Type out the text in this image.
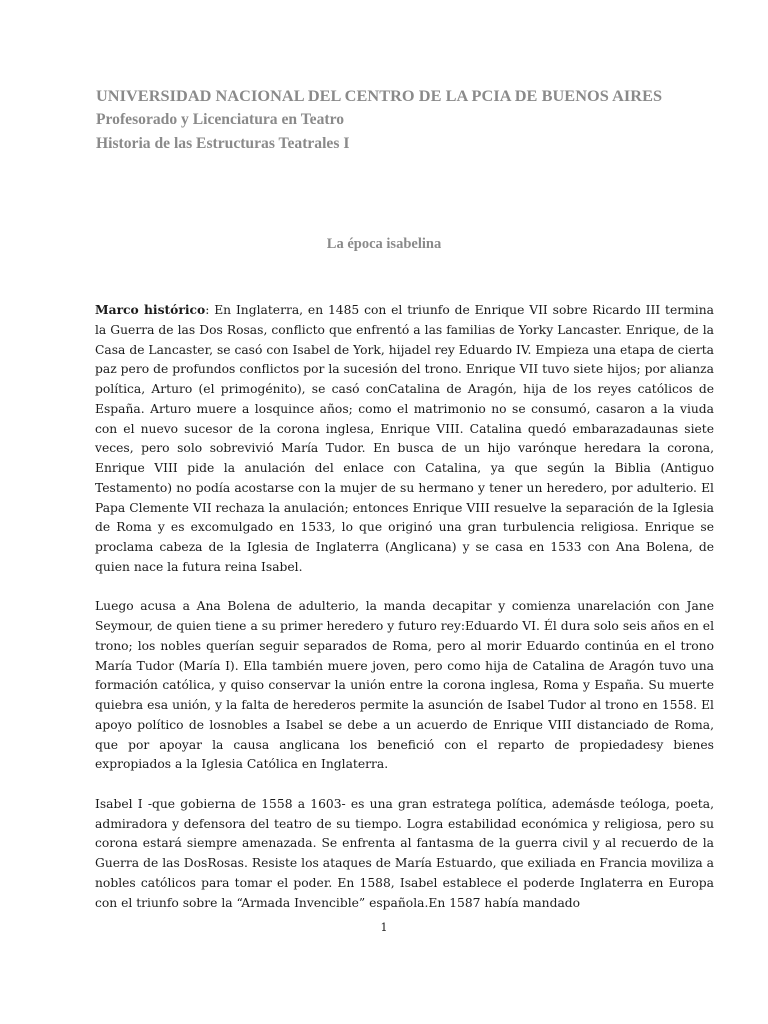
UNIVERSIDAD NACIONAL DEL CENTRO DE LA PCIA DE BUENOS AIRES
Profesorado y Licenciatura en Teatro
Historia de las Estructuras Teatrales I
La época isabelina

Marco histórico: En Inglaterra, en 1485 con el triunfo de Enrique VII sobre Ricardo III termina la Guerra de las Dos Rosas, conflicto que enfrentó a las familias de Yorky Lancaster. Enrique, de la Casa de Lancaster, se casó con Isabel de York, hijadel rey Eduardo IV. Empieza una etapa de cierta paz pero de profundos conflictos por la sucesión del trono. Enrique VII tuvo siete hijos; por alianza política, Arturo (el primogénito), se casó conCatalina de Aragón, hija de los reyes católicos de España. Arturo muere a losquince años; como el matrimonio no se consumó, casaron a la viuda con el nuevo sucesor de la corona inglesa, Enrique VIII. Catalina quedó embarazadaunas siete veces, pero solo sobrevivió María Tudor. En busca de un hijo varónque heredara la corona, Enrique VIII pide la anulación del enlace con Catalina, ya que según la Biblia (Antiguo Testamento) no podía acostarse con la mujer de su hermano y tener un heredero, por adulterio. El Papa Clemente VII rechaza la anulación; entonces Enrique VIII resuelve la separación de la Iglesia de Roma y es excomulgado en 1533, lo que originó una gran turbulencia religiosa. Enrique se proclama cabeza de la Iglesia de Inglaterra (Anglicana) y se casa en 1533 con Ana Bolena, de quien nace la futura reina Isabel.

Luego acusa a Ana Bolena de adulterio, la manda decapitar y comienza unarelación con Jane Seymour, de quien tiene a su primer heredero y futuro rey:Eduardo VI. Él dura solo seis años en el trono; los nobles querían seguir separados de Roma, pero al morir Eduardo continúa en el trono María Tudor (María I). Ella también muere joven, pero como hija de Catalina de Aragón tuvo una formación católica, y quiso conservar la unión entre la corona inglesa, Roma y España. Su muerte quiebra esa unión, y la falta de herederos permite la asunción de Isabel Tudor al trono en 1558. El apoyo político de losnobles a Isabel se debe a un acuerdo de Enrique VIII distanciado de Roma, que por apoyar la causa anglicana los benefició con el reparto de propiedadesy bienes expropiados a la Iglesia Católica en Inglaterra.

Isabel I -que gobierna de 1558 a 1603- es una gran estratega política, ademásde teóloga, poeta, admiradora y defensora del teatro de su tiempo. Logra estabilidad económica y religiosa, pero su corona estará siempre amenazada. Se enfrenta al fantasma de la guerra civil y al recuerdo de la Guerra de las DosRosas. Resiste los ataques de María Estuardo, que exiliada en Francia moviliza a nobles católicos para tomar el poder. En 1588, Isabel establece el poderde Inglaterra en Europa con el triunfo sobre la “Armada Invencible” española.En 1587 había mandado

1
